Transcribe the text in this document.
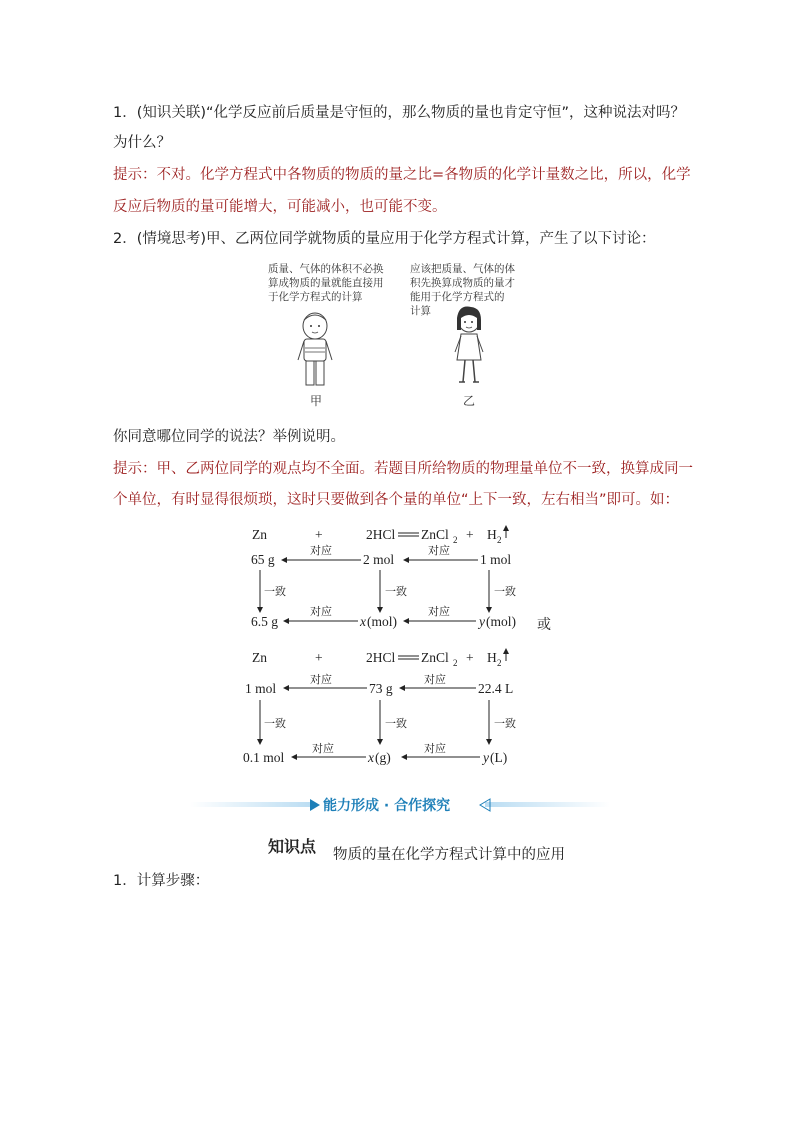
1．(知识关联)“化学反应前后质量是守恒的，那么物质的量也肯定守恒”，这种说法对吗？
为什么？
提示：不对。化学方程式中各物质的物质的量之比=各物质的化学计量数之比，所以，化学
反应后物质的量可能增大，可能减小，也可能不变。
2．(情境思考)甲、乙两位同学就物质的量应用于化学方程式计算，产生了以下讨论：
质量、气体的体积不必换
算成物质的量就能直接用
于化学方程式的计算
应该把质量、气体的体
积先换算成物质的量才
能用于化学方程式的
计算
甲	乙
你同意哪位同学的说法？举例说明。
提示：甲、乙两位同学的观点均不全面。若题目所给物质的物理量单位不一致，换算成同一
个单位，有时显得很烦琐，这时只要做到各个量的单位“上下一致，左右相当”即可。如：
Zn	+	2HCl ZnCl 2 + H 2
65 g	2 mol	1 mol
对应	对应
一致	一致	一致
6.5 g	x (mol)	y (mol)
对应	对应
或
Zn	+	2HCl ZnCl 2 + H 2
1 mol	73 g	22.4 L
对应	对应
一致	一致	一致
0.1 mol	x (g)	y (L)
对应	对应
能力形成 · 合作探究
知识点 物质的量在化学方程式计算中的应用
1．计算步骤：
